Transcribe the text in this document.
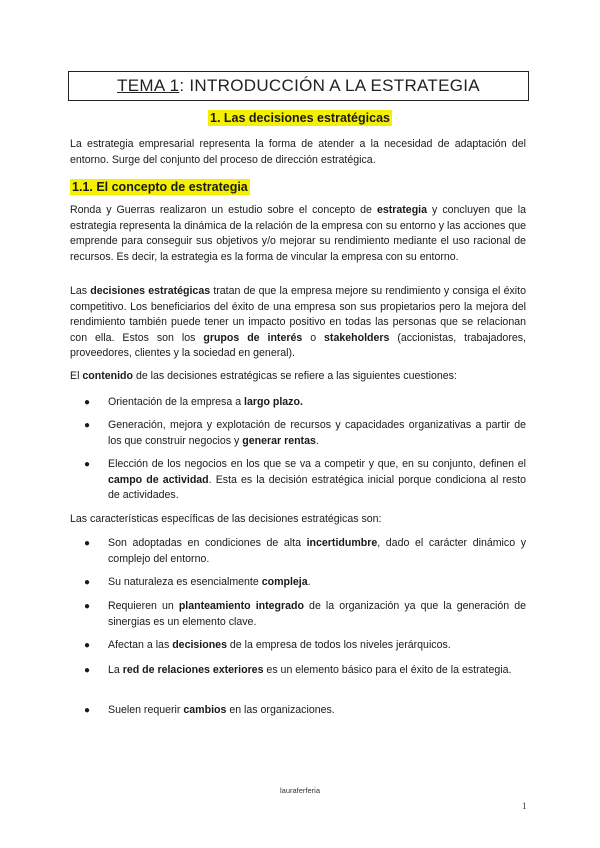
TEMA 1 : INTRODUCCIÓN A LA ESTRATEGIA
1. Las decisiones estratégicas

La estrategia empresarial representa la forma de atender a la necesidad de adaptación del entorno. Surge del conjunto del proceso de dirección estratégica.

1.1. El concepto de estrategia

Ronda y Guerras realizaron un estudio sobre el concepto de estrategia y concluyen que la estrategia representa la dinámica de la relación de la empresa con su entorno y las acciones que emprende para conseguir sus objetivos y/o mejorar su rendimiento mediante el uso racional de recursos. Es decir, la estrategia es la forma de vincular la empresa con su entorno.

Las decisiones estratégicas tratan de que la empresa mejore su rendimiento y consiga el éxito competitivo. Los beneficiarios del éxito de una empresa son sus propietarios pero la mejora del rendimiento también puede tener un impacto positivo en todas las personas que se relacionan con ella. Estos son los grupos de interés o stakeholders (accionistas, trabajadores, proveedores, clientes y la sociedad en general).

El contenido de las decisiones estratégicas se refiere a las siguientes cuestiones:

● Orientación de la empresa a largo plazo.
● Generación, mejora y explotación de recursos y capacidades organizativas a partir de los que construir negocios y generar rentas.
● Elección de los negocios en los que se va a competir y que, en su conjunto, definen el campo de actividad. Esta es la decisión estratégica inicial porque condiciona al resto de actividades.

Las características específicas de las decisiones estratégicas son:

● Son adoptadas en condiciones de alta incertidumbre, dado el carácter dinámico y complejo del entorno.
● Su naturaleza es esencialmente compleja.
● Requieren un planteamiento integrado de la organización ya que la generación de sinergias es un elemento clave.
● Afectan a las decisiones de la empresa de todos los niveles jerárquicos.
● La red de relaciones exteriores es un elemento básico para el éxito de la estrategia.
● Suelen requerir cambios en las organizaciones.
lauraferferia
1
